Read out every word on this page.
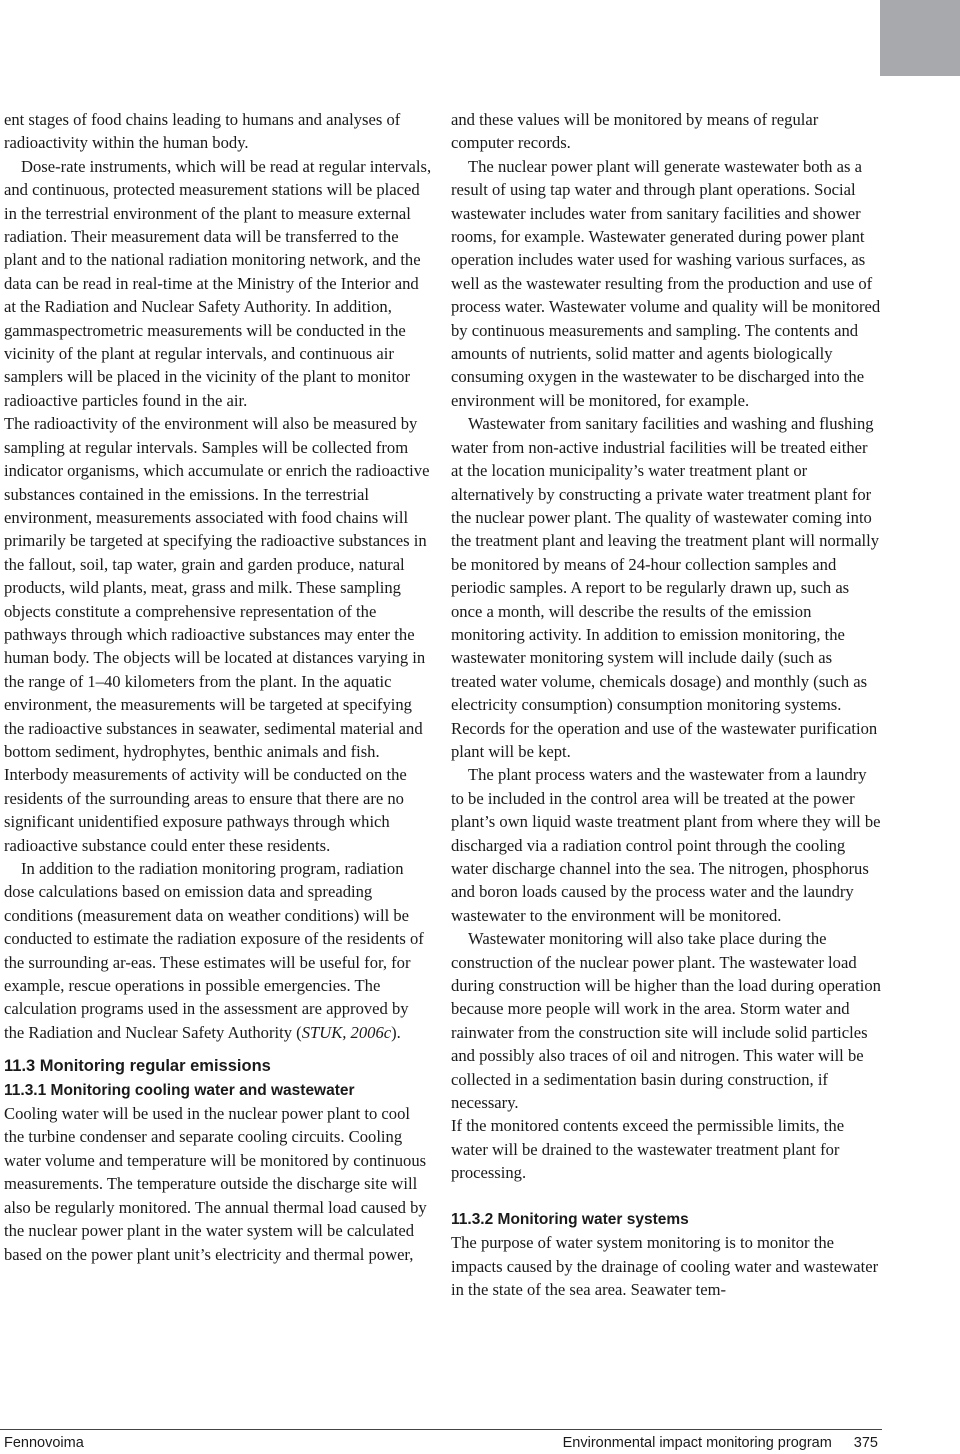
ent stages of food chains leading to humans and analyses of radioactivity within the human body.

Dose-rate instruments, which will be read at regular intervals, and continuous, protected measurement stations will be placed in the terrestrial environment of the plant to measure external radiation. Their measurement data will be transferred to the plant and to the national radiation monitoring network, and the data can be read in real-time at the Ministry of the Interior and at the Radiation and Nuclear Safety Authority. In addition, gammaspectrometric measurements will be conducted in the vicinity of the plant at regular intervals, and continuous air samplers will be placed in the vicinity of the plant to monitor radioactive particles found in the air.

The radioactivity of the environment will also be measured by sampling at regular intervals. Samples will be collected from indicator organisms, which accumulate or enrich the radioactive substances contained in the emissions. In the terrestrial environment, measurements associated with food chains will primarily be targeted at specifying the radioactive substances in the fallout, soil, tap water, grain and garden produce, natural products, wild plants, meat, grass and milk. These sampling objects constitute a comprehensive representation of the pathways through which radioactive substances may enter the human body. The objects will be located at distances varying in the range of 1–40 kilometers from the plant. In the aquatic environment, the measurements will be targeted at specifying the radioactive substances in seawater, sedimental material and bottom sediment, hydrophytes, benthic animals and fish. Interbody measurements of activity will be conducted on the residents of the surrounding areas to ensure that there are no significant unidentified exposure pathways through which radioactive substance could enter these residents.

In addition to the radiation monitoring program, radiation dose calculations based on emission data and spreading conditions (measurement data on weather conditions) will be conducted to estimate the radiation exposure of the residents of the surrounding ar-eas. These estimates will be useful for, for example, rescue operations in possible emergencies. The calculation programs used in the assessment are approved by the Radiation and Nuclear Safety Authority (STUK, 2006c).

11.3 Monitoring regular emissions
11.3.1 Monitoring cooling water and wastewater

Cooling water will be used in the nuclear power plant to cool the turbine condenser and separate cooling circuits. Cooling water volume and temperature will be monitored by continuous measurements. The temperature outside the discharge site will also be regularly monitored. The annual thermal load caused by the nuclear power plant in the water system will be calculated based on the power plant unit’s electricity and thermal power,

and these values will be monitored by means of regular computer records.

The nuclear power plant will generate wastewater both as a result of using tap water and through plant operations. Social wastewater includes water from sanitary facilities and shower rooms, for example. Wastewater generated during power plant operation includes water used for washing various surfaces, as well as the wastewater resulting from the production and use of process water. Wastewater volume and quality will be monitored by continuous measurements and sampling. The contents and amounts of nutrients, solid matter and agents biologically consuming oxygen in the wastewater to be discharged into the environment will be monitored, for example.

Wastewater from sanitary facilities and washing and flushing water from non-active industrial facilities will be treated either at the location municipality’s water treatment plant or alternatively by constructing a private water treatment plant for the nuclear power plant. The quality of wastewater coming into the treatment plant and leaving the treatment plant will normally be monitored by means of 24-hour collection samples and periodic samples. A report to be regularly drawn up, such as once a month, will describe the results of the emission monitoring activity. In addition to emission monitoring, the wastewater monitoring system will include daily (such as treated water volume, chemicals dosage) and monthly (such as electricity consumption) consumption monitoring systems. Records for the operation and use of the wastewater purification plant will be kept.

The plant process waters and the wastewater from a laundry to be included in the control area will be treated at the power plant’s own liquid waste treatment plant from where they will be discharged via a radiation control point through the cooling water discharge channel into the sea. The nitrogen, phosphorus and boron loads caused by the process water and the laundry wastewater to the environment will be monitored.

Wastewater monitoring will also take place during the construction of the nuclear power plant. The wastewater load during construction will be higher than the load during operation because more people will work in the area. Storm water and rainwater from the construction site will include solid particles and possibly also traces of oil and nitrogen. This water will be collected in a sedimentation basin during construction, if necessary.

If the monitored contents exceed the permissible limits, the water will be drained to the wastewater treatment plant for processing.

11.3.2 Monitoring water systems

The purpose of water system monitoring is to monitor the impacts caused by the drainage of cooling water and wastewater in the state of the sea area. Seawater tem-

Fennovoima	Environmental impact monitoring program 375
